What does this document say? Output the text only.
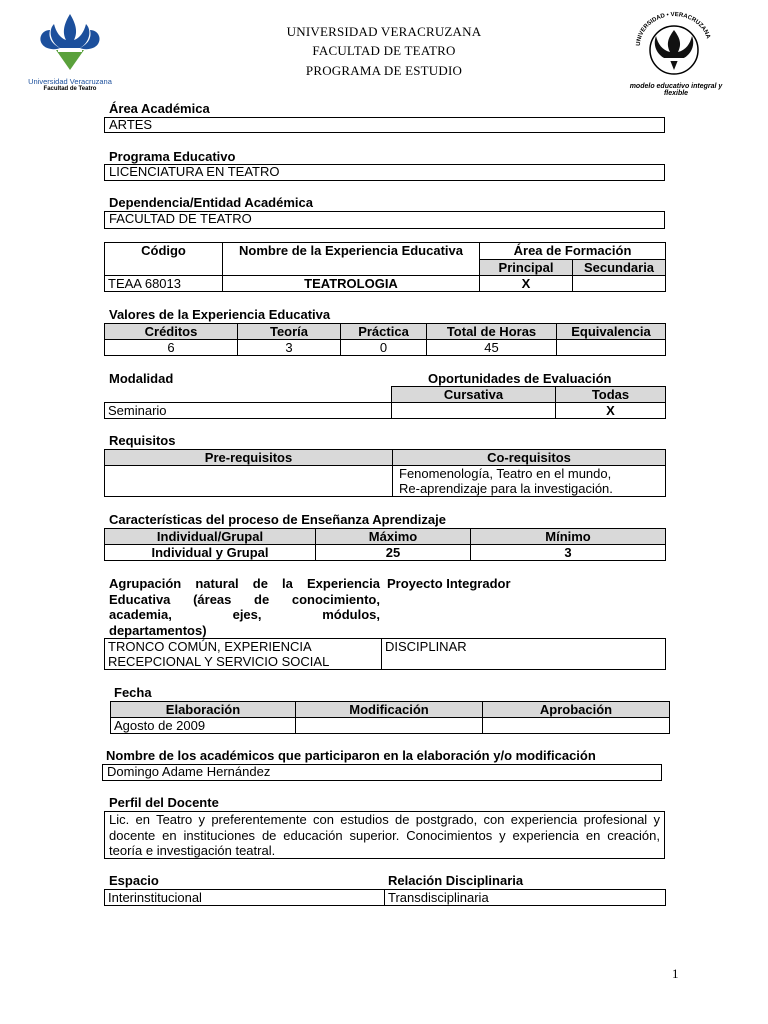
Universidad Veracruzana
Facultad de Teatro
UNIVERSIDAD VERACRUZANA
FACULTAD DE TEATRO
PROGRAMA DE ESTUDIO
UNIVERSIDAD • VERACRUZANA
modelo educativo integral y flexible
Área Académica
ARTES
Programa Educativo
LICENCIATURA EN TEATRO
Dependencia/Entidad Académica
FACULTAD DE TEATRO
Código	Nombre de la Experiencia Educativa	Área de Formación	
		Principal	Secundaria
TEAA 68013	TEATROLOGIA	X	
Valores de la Experiencia Educativa
Créditos	Teoría	Práctica	Total de Horas	Equivalencia
6	3	0	45	
Modalidad	Oportunidades de Evaluación
	Cursativa	Todas
Seminario		X
Requisitos
Pre-requisitos	Co-requisitos

	Fenomenología, Teatro en el mundo,
Re-aprendizaje para la investigación.
Características del proceso de Enseñanza Aprendizaje
Individual/Grupal	Máximo	Mínimo
Individual y Grupal	25	3
Agrupación natural de la Experiencia
Educativa (áreas de conocimiento,
academia, ejes, módulos,
departamentos)
Proyecto Integrador
TRONCO COMÚN, EXPERIENCIA
RECEPCIONAL Y SERVICIO SOCIAL
	DISCIPLINAR
Fecha
Elaboración	Modificación	Aprobación
Agosto de 2009		
Nombre de los académicos que participaron en la elaboración y/o modificación
Domingo Adame Hernández
Perfil del Docente
Lic. en Teatro y preferentemente con estudios de postgrado, con experiencia profesional y docente en instituciones de educación superior. Conocimientos y experiencia en creación, teoría e investigación teatral.
Espacio	Relación Disciplinaria
Interinstitucional	Transdisciplinaria
1
